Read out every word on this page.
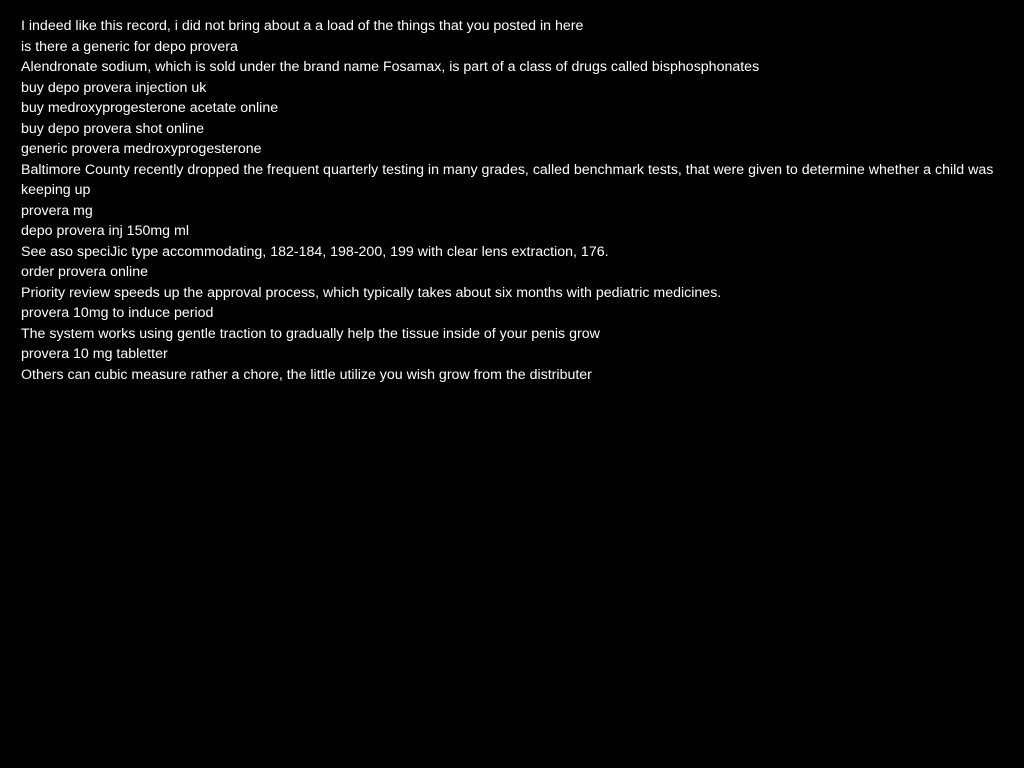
I indeed like this record, i did not bring about a a load of the things that you posted in here
is there a generic for depo provera
Alendronate sodium, which is sold under the brand name Fosamax, is part of a class of drugs called bisphosphonates
buy depo provera injection uk
buy medroxyprogesterone acetate online
buy depo provera shot online
generic provera medroxyprogesterone
Baltimore County recently dropped the frequent quarterly testing in many grades, called benchmark tests, that were given to determine whether a child was keeping up
provera mg
depo provera inj 150mg ml
See aso speciJic type accommodating, 182-184, 198-200, 199 with clear lens extraction, 176.
order provera online
Priority review speeds up the approval process, which typically takes about six months with pediatric medicines.
provera 10mg to induce period
The system works using gentle traction to gradually help the tissue inside of your penis grow
provera 10 mg tabletter
Others can cubic measure rather a chore, the little utilize you wish grow from the distributer
